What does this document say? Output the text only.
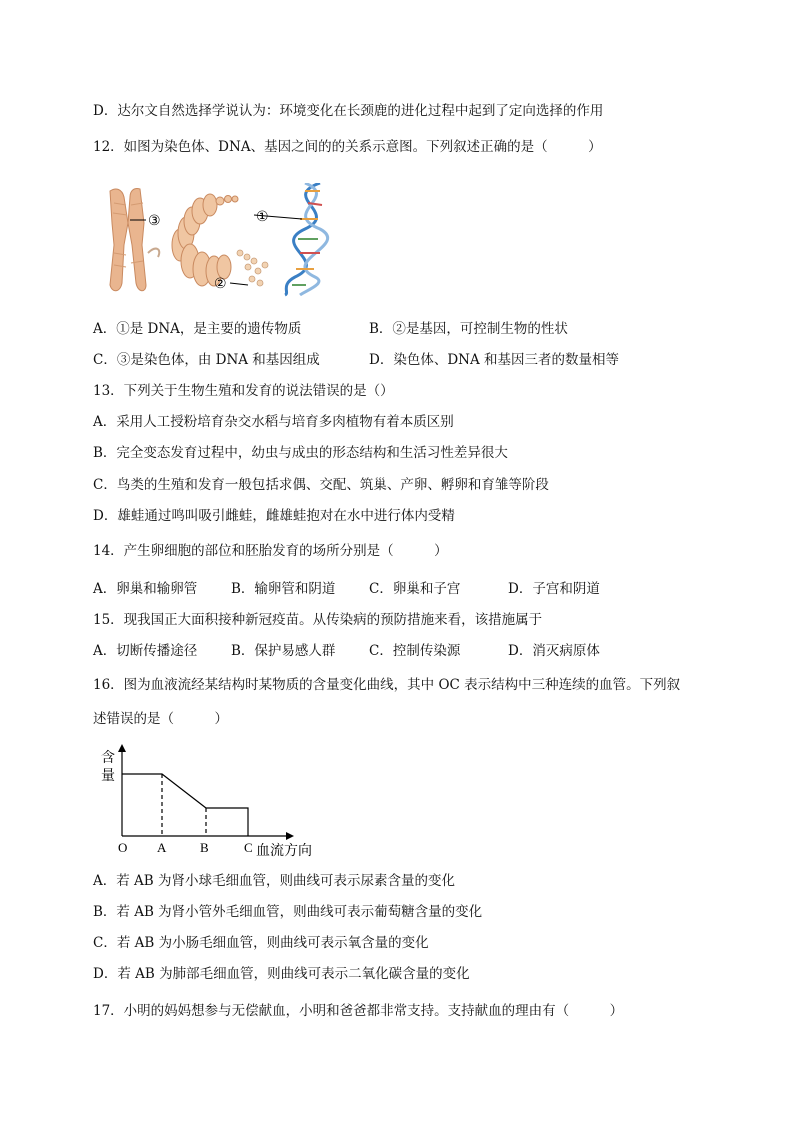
D．达尔文自然选择学说认为：环境变化在长颈鹿的进化过程中起到了定向选择的作用
12．如图为染色体、DNA、基因之间的的关系示意图。下列叙述正确的是（　　　）
③	①
②
A．①是 DNA，是主要的遗传物质	B．②是基因，可控制生物的性状
C．③是染色体，由 DNA 和基因组成	D．染色体、DNA 和基因三者的数量相等
13．下列关于生物生殖和发育的说法错误的是（）
A．采用人工授粉培育杂交水稻与培育多肉植物有着本质区别
B．完全变态发育过程中，幼虫与成虫的形态结构和生活习性差异很大
C．鸟类的生殖和发育一般包括求偶、交配、筑巢、产卵、孵卵和育雏等阶段
D．雄蛙通过鸣叫吸引雌蛙，雌雄蛙抱对在水中进行体内受精
14．产生卵细胞的部位和胚胎发育的场所分别是（　　　）
A．卵巢和输卵管	B．输卵管和阴道 C．卵巢和子宫	D．子宫和阴道
15．现我国正大面积接种新冠疫苗。从传染病的预防措施来看，该措施属于
A．切断传播途径	B．保护易感人群 C．控制传染源	D．消灭病原体
16．图为血液流经某结构时某物质的含量变化曲线，其中 OC 表示结构中三种连续的血管。下列叙
述错误的是（　　　）
含
量
O A	B	C 血流方向
A．若 AB 为肾小球毛细血管，则曲线可表示尿素含量的变化
B．若 AB 为肾小管外毛细血管，则曲线可表示葡萄糖含量的变化
C．若 AB 为小肠毛细血管，则曲线可表示氧含量的变化
D．若 AB 为肺部毛细血管，则曲线可表示二氧化碳含量的变化
17．小明的妈妈想参与无偿献血，小明和爸爸都非常支持。支持献血的理由有（　　　）
